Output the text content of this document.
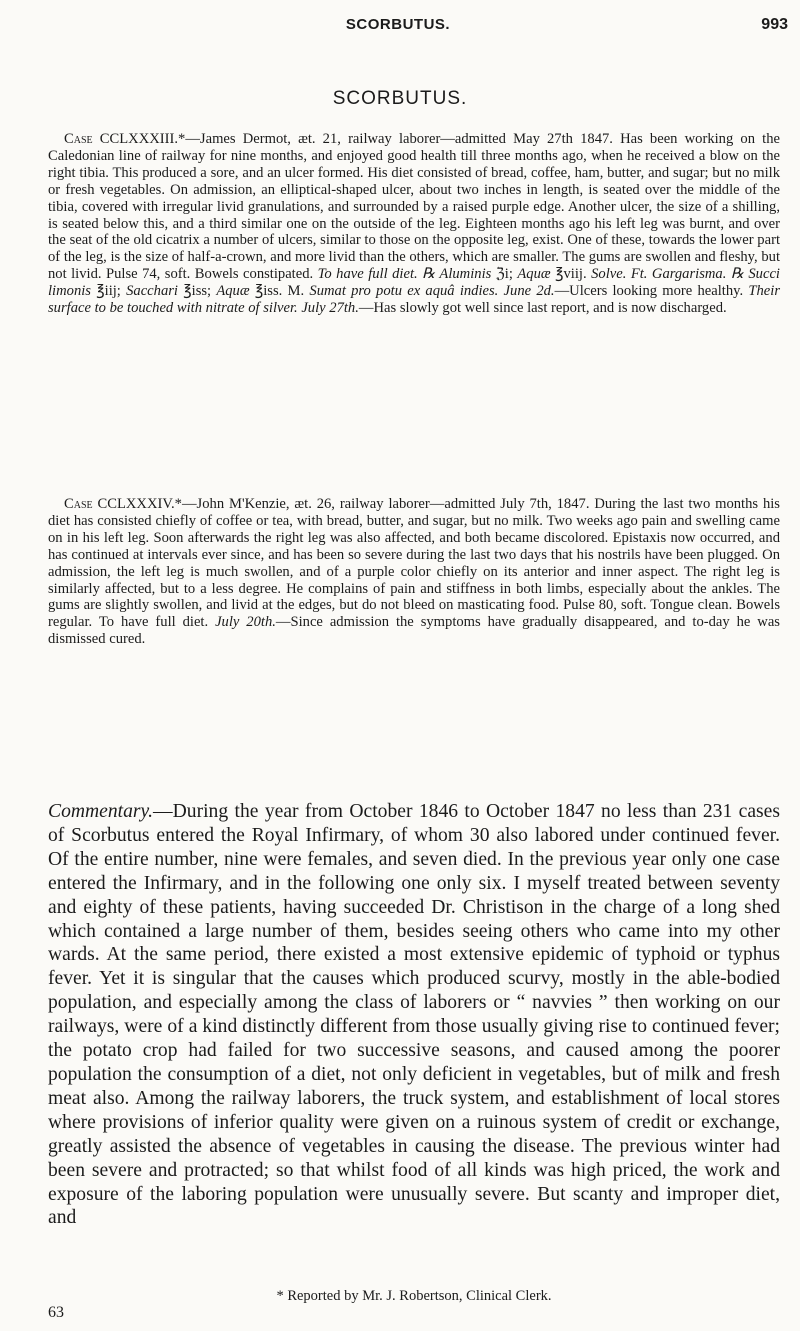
SCORBUTUS.	993
SCORBUTUS.

Case CCLXXXIII.*—James Dermot, æt. 21, railway laborer—admitted May 27th 1847. Has been working on the Caledonian line of railway for nine months, and enjoyed good health till three months ago, when he received a blow on the right tibia. This produced a sore, and an ulcer formed. His diet consisted of bread, coffee, ham, butter, and sugar; but no milk or fresh vegetables. On admission, an elliptical-shaped ulcer, about two inches in length, is seated over the middle of the tibia, covered with irregular livid granulations, and surrounded by a raised purple edge. Another ulcer, the size of a shilling, is seated below this, and a third similar one on the outside of the leg. Eighteen months ago his left leg was burnt, and over the seat of the old cicatrix a number of ulcers, similar to those on the opposite leg, exist. One of these, towards the lower part of the leg, is the size of half-a-crown, and more livid than the others, which are smaller. The gums are swollen and fleshy, but not livid. Pulse 74, soft. Bowels constipated. To have full diet. ℞ Aluminis ℨi; Aquæ ℥viij. Solve. Ft. Gargarisma. ℞ Succi limonis ℥iij; Sacchari ℥iss; Aquæ ℥iss. M. Sumat pro potu ex aquâ indies. June 2d.—Ulcers looking more healthy. Their surface to be touched with nitrate of silver. July 27th.—Has slowly got well since last report, and is now discharged.

Case CCLXXXIV.*—John M'Kenzie, æt. 26, railway laborer—admitted July 7th, 1847. During the last two months his diet has consisted chiefly of coffee or tea, with bread, butter, and sugar, but no milk. Two weeks ago pain and swelling came on in his left leg. Soon afterwards the right leg was also affected, and both became discolored. Epistaxis now occurred, and has continued at intervals ever since, and has been so severe during the last two days that his nostrils have been plugged. On admission, the left leg is much swollen, and of a purple color chiefly on its anterior and inner aspect. The right leg is similarly affected, but to a less degree. He complains of pain and stiffness in both limbs, especially about the ankles. The gums are slightly swollen, and livid at the edges, but do not bleed on masticating food. Pulse 80, soft. Tongue clean. Bowels regular. To have full diet. July 20th.—Since admission the symptoms have gradually disappeared, and to-day he was dismissed cured.

Commentary.—During the year from October 1846 to October 1847 no less than 231 cases of Scorbutus entered the Royal Infirmary, of whom 30 also labored under continued fever. Of the entire number, nine were females, and seven died. In the previous year only one case entered the Infirmary, and in the following one only six. I myself treated between seventy and eighty of these patients, having succeeded Dr. Christison in the charge of a long shed which contained a large number of them, besides seeing others who came into my other wards. At the same period, there existed a most extensive epidemic of typhoid or typhus fever. Yet it is singular that the causes which produced scurvy, mostly in the able-bodied population, and especially among the class of laborers or “ navvies ” then working on our railways, were of a kind distinctly different from those usually giving rise to continued fever; the potato crop had failed for two successive seasons, and caused among the poorer population the consumption of a diet, not only deficient in vegetables, but of milk and fresh meat also. Among the railway laborers, the truck system, and establishment of local stores where provisions of inferior quality were given on a ruinous system of credit or exchange, greatly assisted the absence of vegetables in causing the disease. The previous winter had been severe and protracted; so that whilst food of all kinds was high priced, the work and exposure of the laboring population were unusually severe. But scanty and improper diet, and

* Reported by Mr. J. Robertson, Clinical Clerk.
63
